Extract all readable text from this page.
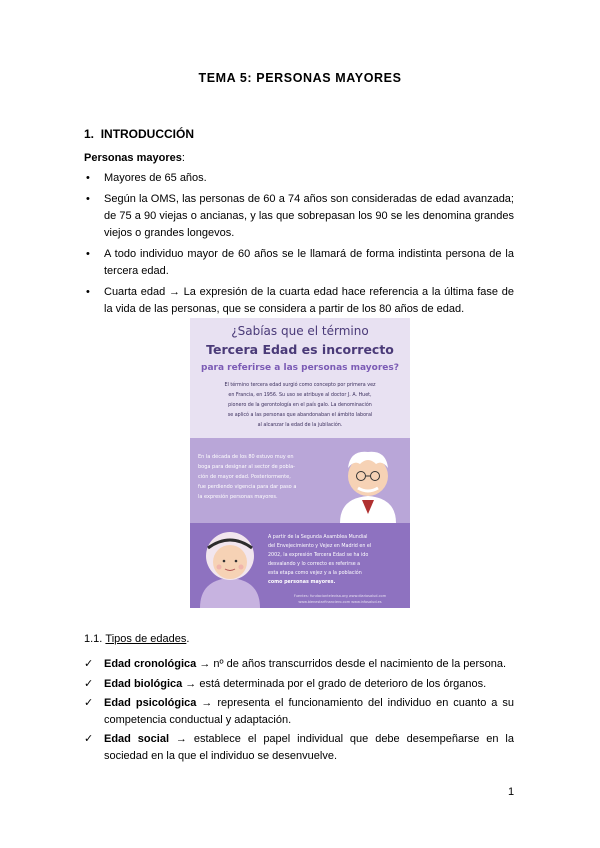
TEMA 5: PERSONAS MAYORES
1. INTRODUCCIÓN
Personas mayores:
• Mayores de 65 años.
• Según la OMS, las personas de 60 a 74 años son consideradas de edad avanzada; de 75 a 90 viejas o ancianas, y las que sobrepasan los 90 se les denomina grandes viejos o grandes longevos.
• A todo individuo mayor de 60 años se le llamará de forma indistinta persona de la tercera edad.
• Cuarta edad → La expresión de la cuarta edad hace referencia a la última fase de la vida de las personas, que se considera a partir de los 80 años de edad.
¿Sabías que el término
Tercera Edad es incorrecto
para referirse a las personas mayores?
El término tercera edad surgió como concepto por primera vez
en Francia, en 1956. Su uso se atribuye al doctor J. A. Huet,
pionero de la gerontología en el país galo. La denominación
se aplicó a las personas que abandonaban el ámbito laboral
al alcanzar la edad de la jubilación.
En la década de los 80 estuvo muy en
boga para designar al sector de pobla-
ción de mayor edad. Posteriormente,
fue perdiendo vigencia para dar paso a
la expresión personas mayores.
A partir de la Segunda Asamblea Mundial
del Envejecimiento y Vejez en Madrid en el
2002, la expresión Tercera Edad se ha ido
desvalando y lo correcto es referirse a
esta etapa como vejez y a la población
como personas mayores.
Fuentes: fundaciontelevisa.org www.diariosalud.com
www.bienestarfinanciero.com www.infosalud.es
1.1. Tipos de edades.
✓ Edad cronológica → nº de años transcurridos desde el nacimiento de la persona.
✓ Edad biológica → está determinada por el grado de deterioro de los órganos.
✓ Edad psicológica → representa el funcionamiento del individuo en cuanto a su competencia conductual y adaptación.
✓ Edad social → establece el papel individual que debe desempeñarse en la sociedad en la que el individuo se desenvuelve.
1
